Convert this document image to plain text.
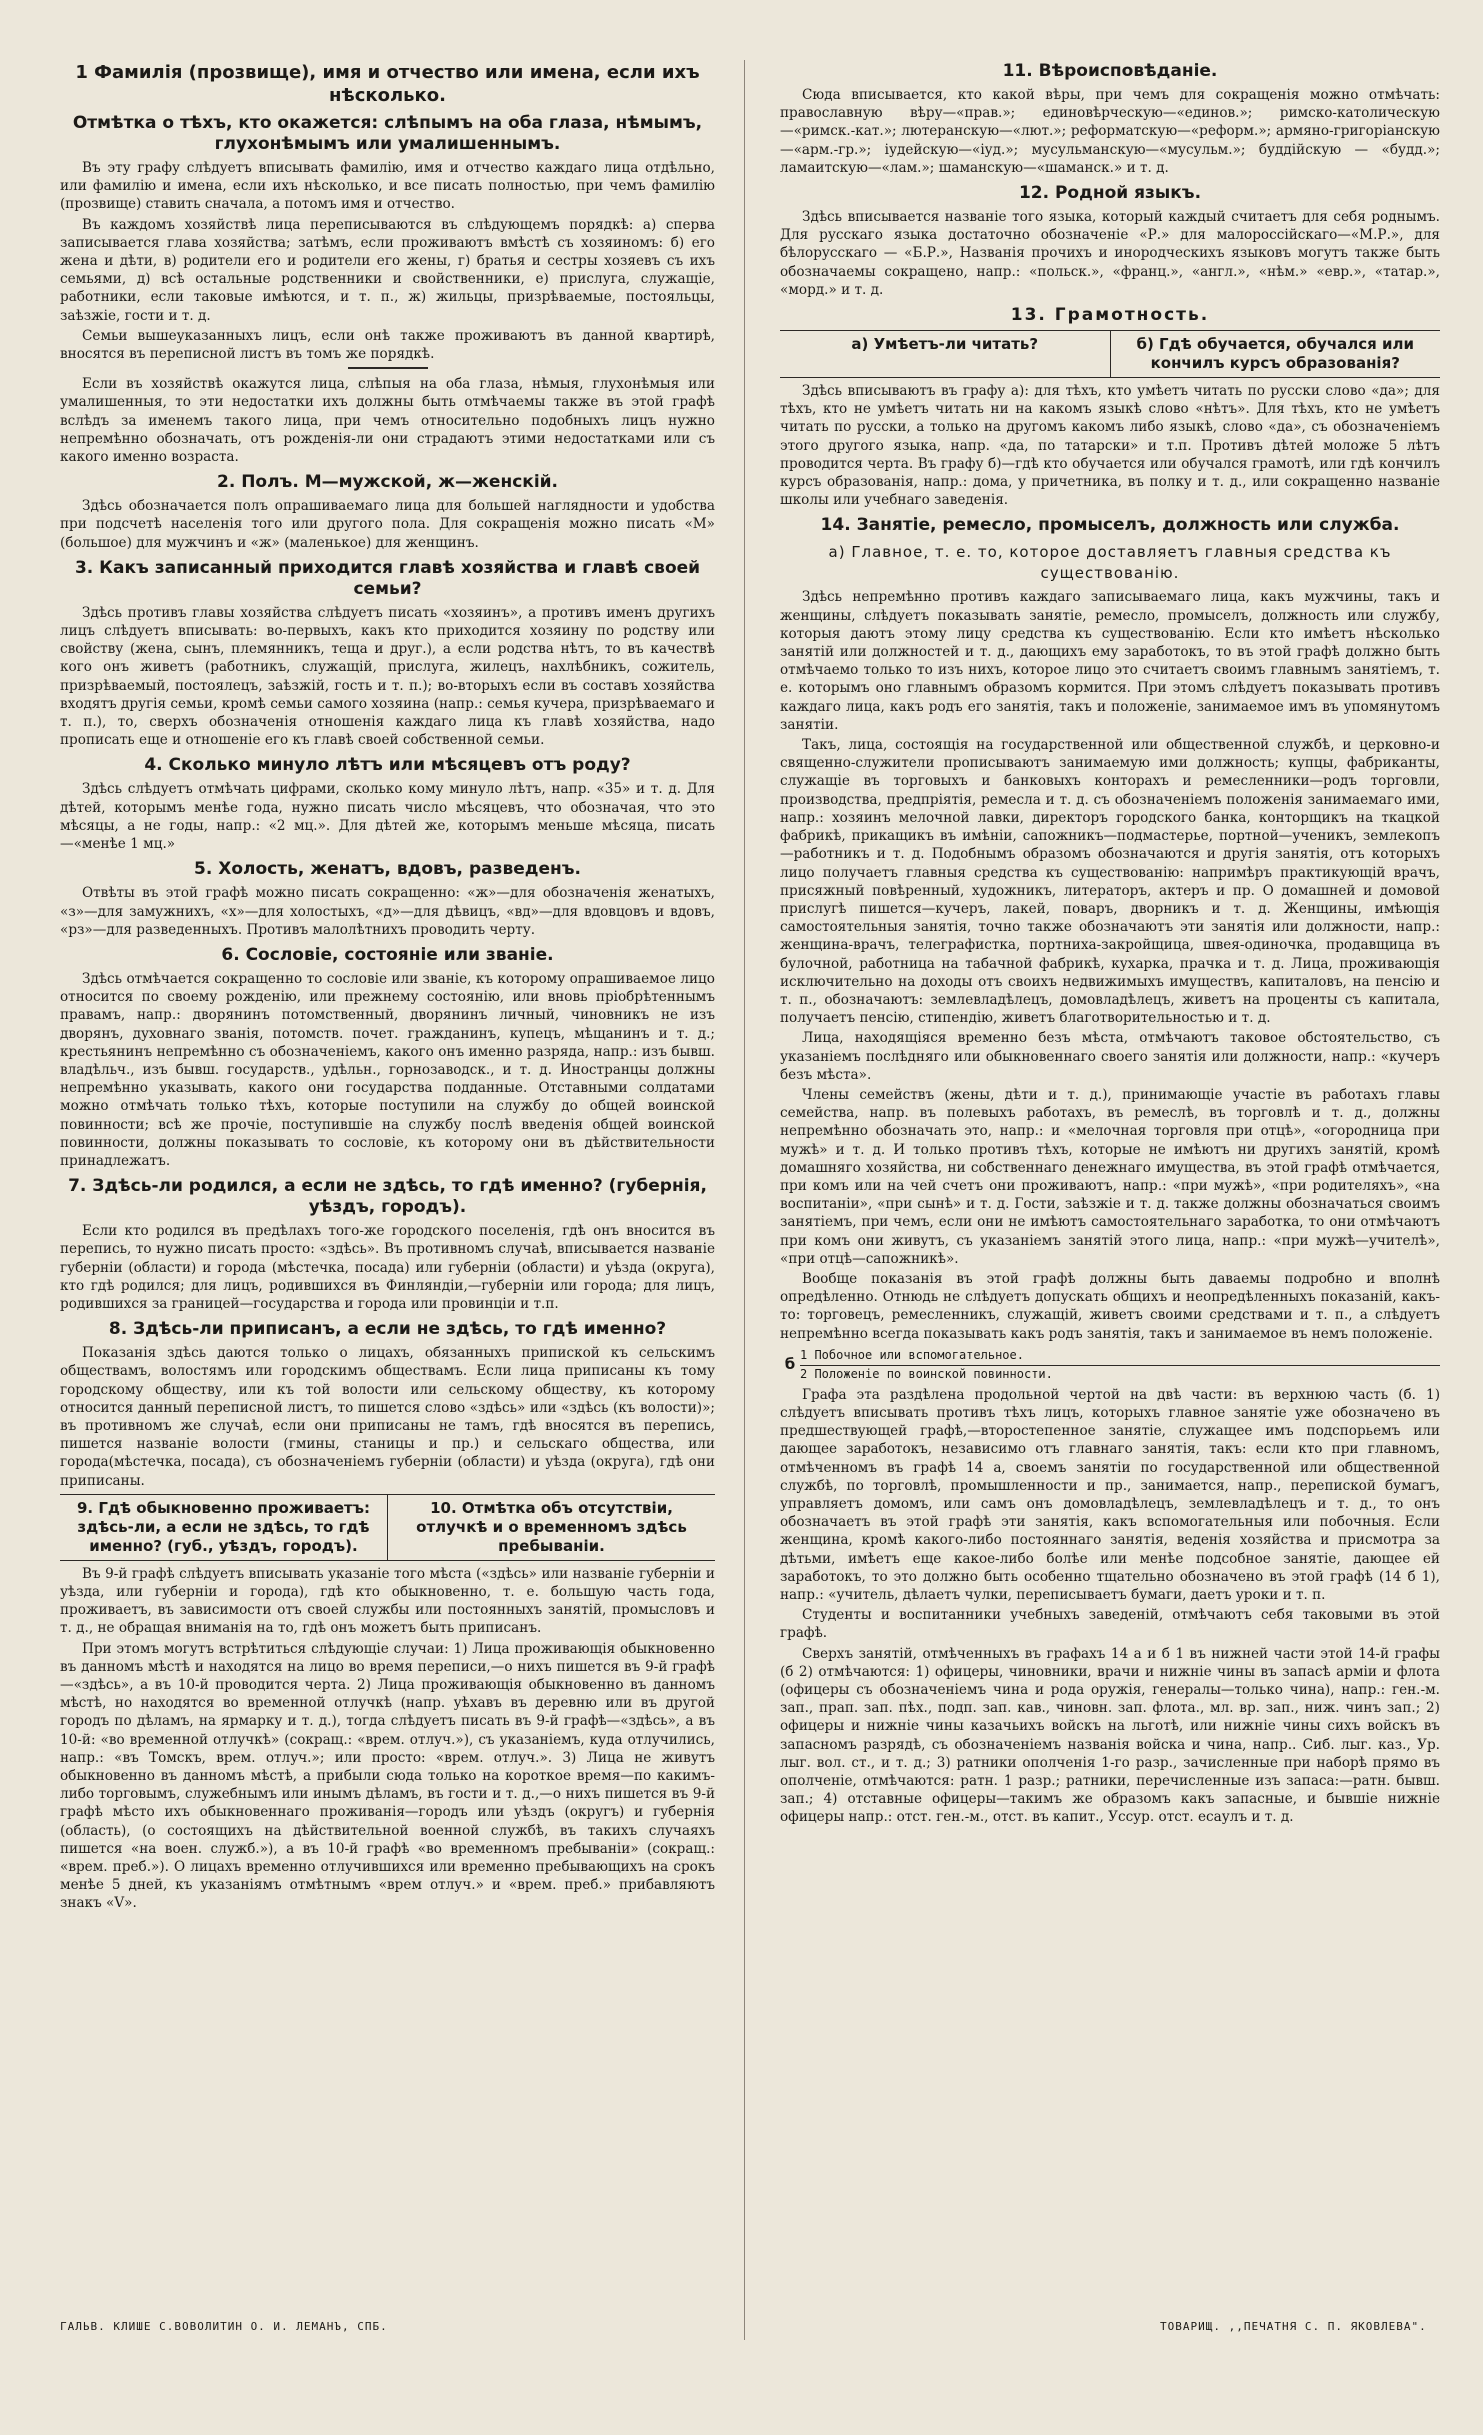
1 Фамилія (прозвище), имя и отчество или имена, если ихъ нѣсколько.
Отмѣтка о тѣхъ, кто окажется: слѣпымъ на оба глаза, нѣмымъ, глухонѣмымъ или умалишеннымъ.
Въ эту графу слѣдуетъ вписывать фамилію, имя и отчество каждаго лица отдѣльно, или фамилію и имена, если ихъ нѣсколько, и все писать полностью, при чемъ фамилію (прозвище) ставить сначала, а потомъ имя и отчество.
Въ каждомъ хозяйствѣ лица переписываются въ слѣдующемъ порядкѣ: а) сперва записывается глава хозяйства; затѣмъ, если проживаютъ вмѣстѣ съ хозяиномъ: б) его жена и дѣти, в) родители его и родители его жены, г) братья и сестры хозяевъ съ ихъ семьями, д) всѣ остальные родственники и свойственники, е) прислуга, служащіе, работники, если таковые имѣются, и т. п., ж) жильцы, призрѣваемые, постояльцы, заѣзжіе, гости и т. д.
Семьи вышеуказанныхъ лицъ, если онѣ также проживаютъ въ данной квартирѣ, вносятся въ переписной листъ въ томъ же порядкѣ.
Если въ хозяйствѣ окажутся лица, слѣпыя на оба глаза, нѣмыя, глухонѣмыя или умалишенныя, то эти недостатки ихъ должны быть отмѣчаемы также въ этой графѣ вслѣдъ за именемъ такого лица, при чемъ относительно подобныхъ лицъ нужно непремѣнно обозначать, отъ рожденія-ли они страдаютъ этими недостатками или съ какого именно возраста.
2. Полъ. М—мужской, ж—женскій.
Здѣсь обозначается полъ опрашиваемаго лица для большей наглядности и удобства при подсчетѣ населенія того или другого пола. Для сокращенія можно писать «М» (большое) для мужчинъ и «ж» (маленькое) для женщинъ.
3. Какъ записанный приходится главѣ хозяйства и главѣ своей семьи?
Здѣсь противъ главы хозяйства слѣдуетъ писать «хозяинъ», а противъ именъ другихъ лицъ слѣдуетъ вписывать: во-первыхъ, какъ кто приходится хозяину по родству или свойству (жена, сынъ, племянникъ, теща и друг.), а если родства нѣтъ, то въ качествѣ кого онъ живетъ (работникъ, служащій, прислуга, жилецъ, нахлѣбникъ, сожитель, призрѣваемый, постоялецъ, заѣзжій, гость и т. п.); во-вторыхъ если въ составъ хозяйства входятъ другія семьи, кромѣ семьи самого хозяина (напр.: семья кучера, призрѣваемаго и т. п.), то, сверхъ обозначенія отношенія каждаго лица къ главѣ хозяйства, надо прописать еще и отношеніе его къ главѣ своей собственной семьи.
4. Сколько минуло лѣтъ или мѣсяцевъ отъ роду?
Здѣсь слѣдуетъ отмѣчать цифрами, сколько кому минуло лѣтъ, напр. «35» и т. д. Для дѣтей, которымъ менѣе года, нужно писать число мѣсяцевъ, что обозначая, что это мѣсяцы, а не годы, напр.: «2 мц.». Для дѣтей же, которымъ меньше мѣсяца, писать—«менѣе 1 мц.»
5. Холость, женатъ, вдовъ, разведенъ.
Отвѣты въ этой графѣ можно писать сокращенно: «ж»—для обозначенія женатыхъ, «з»—для замужнихъ, «х»—для холостыхъ, «д»—для дѣвицъ, «вд»—для вдовцовъ и вдовъ, «рз»—для разведенныхъ. Противъ малолѣтнихъ проводить черту.
6. Сословіе, состояніе или званіе.
Здѣсь отмѣчается сокращенно то сословіе или званіе, къ которому опрашиваемое лицо относится по своему рожденію, или прежнему состоянію, или вновь пріобрѣтеннымъ правамъ, напр.: дворянинъ потомственный, дворянинъ личный, чиновникъ не изъ дворянъ, духовнаго званія, потомств. почет. гражданинъ, купецъ, мѣщанинъ и т. д.; крестьянинъ непремѣнно съ обозначеніемъ, какого онъ именно разряда, напр.: изъ бывш. владѣльч., изъ бывш. государств., удѣльн., горнозаводск., и т. д. Иностранцы должны непремѣнно указывать, какого они государства подданные. Отставными солдатами можно отмѣчать только тѣхъ, которые поступили на службу до общей воинской повинности; всѣ же прочіе, поступившіе на службу послѣ введенія общей воинской повинности, должны показывать то сословіе, къ которому они въ дѣйствительности принадлежатъ.
7. Здѣсь-ли родился, а если не здѣсь, то гдѣ именно? (губернія, уѣздъ, городъ).
Если кто родился въ предѣлахъ того-же городского поселенія, гдѣ онъ вносится въ перепись, то нужно писать просто: «здѣсь». Въ противномъ случаѣ, вписывается названіе губерніи (области) и города (мѣстечка, посада) или губерніи (области) и уѣзда (округа), кто гдѣ родился; для лицъ, родившихся въ Финляндіи,—губерніи или города; для лицъ, родившихся за границей—государства и города или провинціи и т.п.
8. Здѣсь-ли приписанъ, а если не здѣсь, то гдѣ именно?
Показанія здѣсь даются только о лицахъ, обязанныхъ припиской къ сельскимъ обществамъ, волостямъ или городскимъ обществамъ. Если лица приписаны къ тому городскому обществу, или къ той волости или сельскому обществу, къ которому относится данный переписной листъ, то пишется слово «здѣсь» или «здѣсь (къ волости)»; въ противномъ же случаѣ, если они приписаны не тамъ, гдѣ вносятся въ перепись, пишется названіе волости (гмины, станицы и пр.) и сельскаго общества, или города(мѣстечка, посада), съ обозначеніемъ губерніи (области) и уѣзда (округа), гдѣ они приписаны.
9. Гдѣ обыкновенно проживаетъ: здѣсь-ли, а если не здѣсь, то гдѣ именно? (губ., уѣздъ, городъ).
10. Отмѣтка объ отсутствіи, отлучкѣ и о временномъ здѣсь пребываніи.
Въ 9-й графѣ слѣдуетъ вписывать указаніе того мѣста («здѣсь» или названіе губерніи и уѣзда, или губерніи и города), гдѣ кто обыкновенно, т. е. большую часть года, проживаетъ, въ зависимости отъ своей службы или постоянныхъ занятій, промысловъ и т. д., не обращая вниманія на то, гдѣ онъ можетъ быть приписанъ.
При этомъ могутъ встрѣтиться слѣдующіе случаи: 1) Лица проживающія обыкновенно въ данномъ мѣстѣ и находятся на лицо во время переписи,—о нихъ пишется въ 9-й графѣ—«здѣсь», а въ 10-й проводится черта. 2) Лица проживающія обыкновенно въ данномъ мѣстѣ, но находятся во временной отлучкѣ (напр. уѣхавъ въ деревню или въ другой городъ по дѣламъ, на ярмарку и т. д.), тогда слѣдуетъ писать въ 9-й графѣ—«здѣсь», а въ 10-й: «во временной отлучкѣ» (сокращ.: «врем. отлуч.»), съ указаніемъ, куда отлучились, напр.: «въ Томскъ, врем. отлуч.»; или просто: «врем. отлуч.». 3) Лица не живутъ обыкновенно въ данномъ мѣстѣ, а прибыли сюда только на короткое время—по какимъ-либо торговымъ, служебнымъ или инымъ дѣламъ, въ гости и т. д.,—о нихъ пишется въ 9-й графѣ мѣсто ихъ обыкновеннаго проживанія—городъ или уѣздъ (округъ) и губернія (область), (о состоящихъ на дѣйствительной военной службѣ, въ такихъ случаяхъ пишется «на воен. служб.»), а въ 10-й графѣ «во временномъ пребываніи» (сокращ.: «врем. преб.»). О лицахъ временно отлучившихся или временно пребывающихъ на срокъ менѣе 5 дней, къ указаніямъ отмѣтнымъ «врем отлуч.» и «врем. преб.» прибавляютъ знакъ «V».
11. Вѣроисповѣданіе.
Сюда вписывается, кто какой вѣры, при чемъ для сокращенія можно отмѣчать: православную вѣру—«прав.»; единовѣрческую—«единов.»; римско-католическую—«римск.-кат.»; лютеранскую—«лют.»; реформатскую—«реформ.»; армяно-григоріанскую—«арм.-гр.»; іудейскую—«іуд.»; мусульманскую—«мусульм.»; буддійскую — «будд.»; ламаитскую—«лам.»; шаманскую—«шаманск.» и т. д.
12. Родной языкъ.
Здѣсь вписывается названіе того языка, который каждый считаетъ для себя роднымъ. Для русскаго языка достаточно обозначеніе «Р.» для малороссійскаго—«М.Р.», для бѣлорусскаго — «Б.Р.», Названія прочихъ и инородческихъ языковъ могутъ также быть обозначаемы сокращено, напр.: «польск.», «франц.», «англ.», «нѣм.» «евр.», «татар.», «морд.» и т. д.
13. Грамотность.
а) Умѣетъ-ли читать?	б) Гдѣ обучается, обучался или кончилъ курсъ образованія?
Здѣсь вписываютъ въ графу а): для тѣхъ, кто умѣетъ читать по русски слово «да»; для тѣхъ, кто не умѣетъ читать ни на какомъ языкѣ слово «нѣтъ». Для тѣхъ, кто не умѣетъ читать по русски, а только на другомъ какомъ либо языкѣ, слово «да», съ обозначеніемъ этого другого языка, напр. «да, по татарски» и т.п. Противъ дѣтей моложе 5 лѣтъ проводится черта. Въ графу б)—гдѣ кто обучается или обучался грамотѣ, или гдѣ кончилъ курсъ образованія, напр.: дома, у причетника, въ полку и т. д., или сокращенно названіе школы или учебнаго заведенія.
14. Занятіе, ремесло, промыселъ, должность или служба.
а) Главное, т. е. то, которое доставляетъ главныя средства къ существованію.
Здѣсь непремѣнно противъ каждаго записываемаго лица, какъ мужчины, такъ и женщины, слѣдуетъ показывать занятіе, ремесло, промыселъ, должность или службу, которыя даютъ этому лицу средства къ существованію. Если кто имѣетъ нѣсколько занятій или должностей и т. д., дающихъ ему заработокъ, то въ этой графѣ должно быть отмѣчаемо только то изъ нихъ, которое лицо это считаетъ своимъ главнымъ занятіемъ, т. е. которымъ оно главнымъ образомъ кормится. При этомъ слѣдуетъ показывать противъ каждаго лица, какъ родъ его занятія, такъ и положеніе, занимаемое имъ въ упомянутомъ занятіи.
Такъ, лица, состоящія на государственной или общественной службѣ, и церковно-и священно-служители прописываютъ занимаемую ими должность; купцы, фабриканты, служащіе въ торговыхъ и банковыхъ конторахъ и ремесленники—родъ торговли, производства, предпріятія, ремесла и т. д. съ обозначеніемъ положенія занимаемаго ими, напр.: хозяинъ мелочной лавки, директоръ городского банка, конторщикъ на ткацкой фабрикѣ, прикащикъ въ имѣніи, сапожникъ—подмастерье, портной—ученикъ, землекопъ—работникъ и т. д. Подобнымъ образомъ обозначаются и другія занятія, отъ которыхъ лицо получаетъ главныя средства къ существованію: напримѣръ практикующій врачъ, присяжный повѣренный, художникъ, литераторъ, актеръ и пр. О домашней и домовой прислугѣ пишется—кучеръ, лакей, поваръ, дворникъ и т. д. Женщины, имѣющія самостоятельныя занятія, точно также обозначаютъ эти занятія или должности, напр.: женщина-врачъ, телеграфистка, портниха-закройщица, швея-одиночка, продавщица въ булочной, работница на табачной фабрикѣ, кухарка, прачка и т. д. Лица, проживающія исключительно на доходы отъ своихъ недвижимыхъ имуществъ, капиталовъ, на пенсію и т. п., обозначаютъ: землевладѣлецъ, домовладѣлецъ, живетъ на проценты съ капитала, получаетъ пенсію, стипендію, живетъ благотворительностью и т. д.
Лица, находящіяся временно безъ мѣста, отмѣчаютъ таковое обстоятельство, съ указаніемъ послѣдняго или обыкновеннаго своего занятія или должности, напр.: «кучеръ безъ мѣста».
Члены семействъ (жены, дѣти и т. д.), принимающіе участіе въ работахъ главы семейства, напр. въ полевыхъ работахъ, въ ремеслѣ, въ торговлѣ и т. д., должны непремѣнно обозначать это, напр.: и «мелочная торговля при отцѣ», «огородница при мужѣ» и т. д. И только противъ тѣхъ, которые не имѣютъ ни другихъ занятій, кромѣ домашняго хозяйства, ни собственнаго денежнаго имущества, въ этой графѣ отмѣчается, при комъ или на чей счетъ они проживаютъ, напр.: «при мужѣ», «при родителяхъ», «на воспитаніи», «при сынѣ» и т. д. Гости, заѣзжіе и т. д. также должны обозначаться своимъ занятіемъ, при чемъ, если они не имѣютъ самостоятельнаго заработка, то они отмѣчаютъ при комъ они живутъ, съ указаніемъ занятій этого лица, напр.: «при мужѣ—учителѣ», «при отцѣ—сапожникѣ».
Вообще показанія въ этой графѣ должны быть даваемы подробно и вполнѣ опредѣленно. Отнюдь не слѣдуетъ допускать общихъ и неопредѣленныхъ показаній, какъ-то: торговецъ, ремесленникъ, служащій, живетъ своими средствами и т. п., а слѣдуетъ непремѣнно всегда показывать какъ родъ занятія, такъ и занимаемое въ немъ положеніе.
б 1 Побочное или вспомогательное.
2 Положеніе по воинской повинности.
Графа эта раздѣлена продольной чертой на двѣ части: въ верхнюю часть (б. 1) слѣдуетъ вписывать противъ тѣхъ лицъ, которыхъ главное занятіе уже обозначено въ предшествующей графѣ,—второстепенное занятіе, служащее имъ подспорьемъ или дающее заработокъ, независимо отъ главнаго занятія, такъ: если кто при главномъ, отмѣченномъ въ графѣ 14 а, своемъ занятіи по государственной или общественной службѣ, по торговлѣ, промышленности и пр., занимается, напр., перепиской бумагъ, управляетъ домомъ, или самъ онъ домовладѣлецъ, землевладѣлецъ и т. д., то онъ обозначаетъ въ этой графѣ эти занятія, какъ вспомогательныя или побочныя. Если женщина, кромѣ какого-либо постояннаго занятія, веденія хозяйства и присмотра за дѣтьми, имѣетъ еще какое-либо болѣе или менѣе подсобное занятіе, дающее ей заработокъ, то это должно быть особенно тщательно обозначено въ этой графѣ (14 б 1), напр.: «учитель, дѣлаетъ чулки, переписываетъ бумаги, даетъ уроки и т. п.
Студенты и воспитанники учебныхъ заведеній, отмѣчаютъ себя таковыми въ этой графѣ.
Сверхъ занятій, отмѣченныхъ въ графахъ 14 а и б 1 въ нижней части этой 14-й графы (б 2) отмѣчаются: 1) офицеры, чиновники, врачи и нижніе чины въ запасѣ арміи и флота (офицеры съ обозначеніемъ чина и рода оружія, генералы—только чина), напр.: ген.-м. зап., прап. зап. пѣх., подп. зап. кав., чиновн. зап. флота., мл. вр. зап., ниж. чинъ зап.; 2) офицеры и нижніе чины казачьихъ войскъ на льготѣ, или нижніе чины сихъ войскъ въ запасномъ разрядѣ, съ обозначеніемъ названія войска и чина, напр.. Сиб. лыг. каз., Ур. лыг. вол. ст., и т. д.; 3) ратники ополченія 1-го разр., зачисленные при наборѣ прямо въ ополченіе, отмѣчаются: ратн. 1 разр.; ратники, перечисленные изъ запаса:—ратн. бывш. зап.; 4) отставные офицеры—такимъ же образомъ какъ запасные, и бывшіе нижніе офицеры напр.: отст. ген.-м., отст. въ капит., Уссур. отст. есаулъ и т. д.
ГАЛЬВ. КЛИШЕ С.ВОВОЛИТИН О. И. ЛЕМАНЪ, СПБ.	ТОВАРИЩ. ,,ПЕЧАТНЯ С. П. ЯКОВЛЕВА".
